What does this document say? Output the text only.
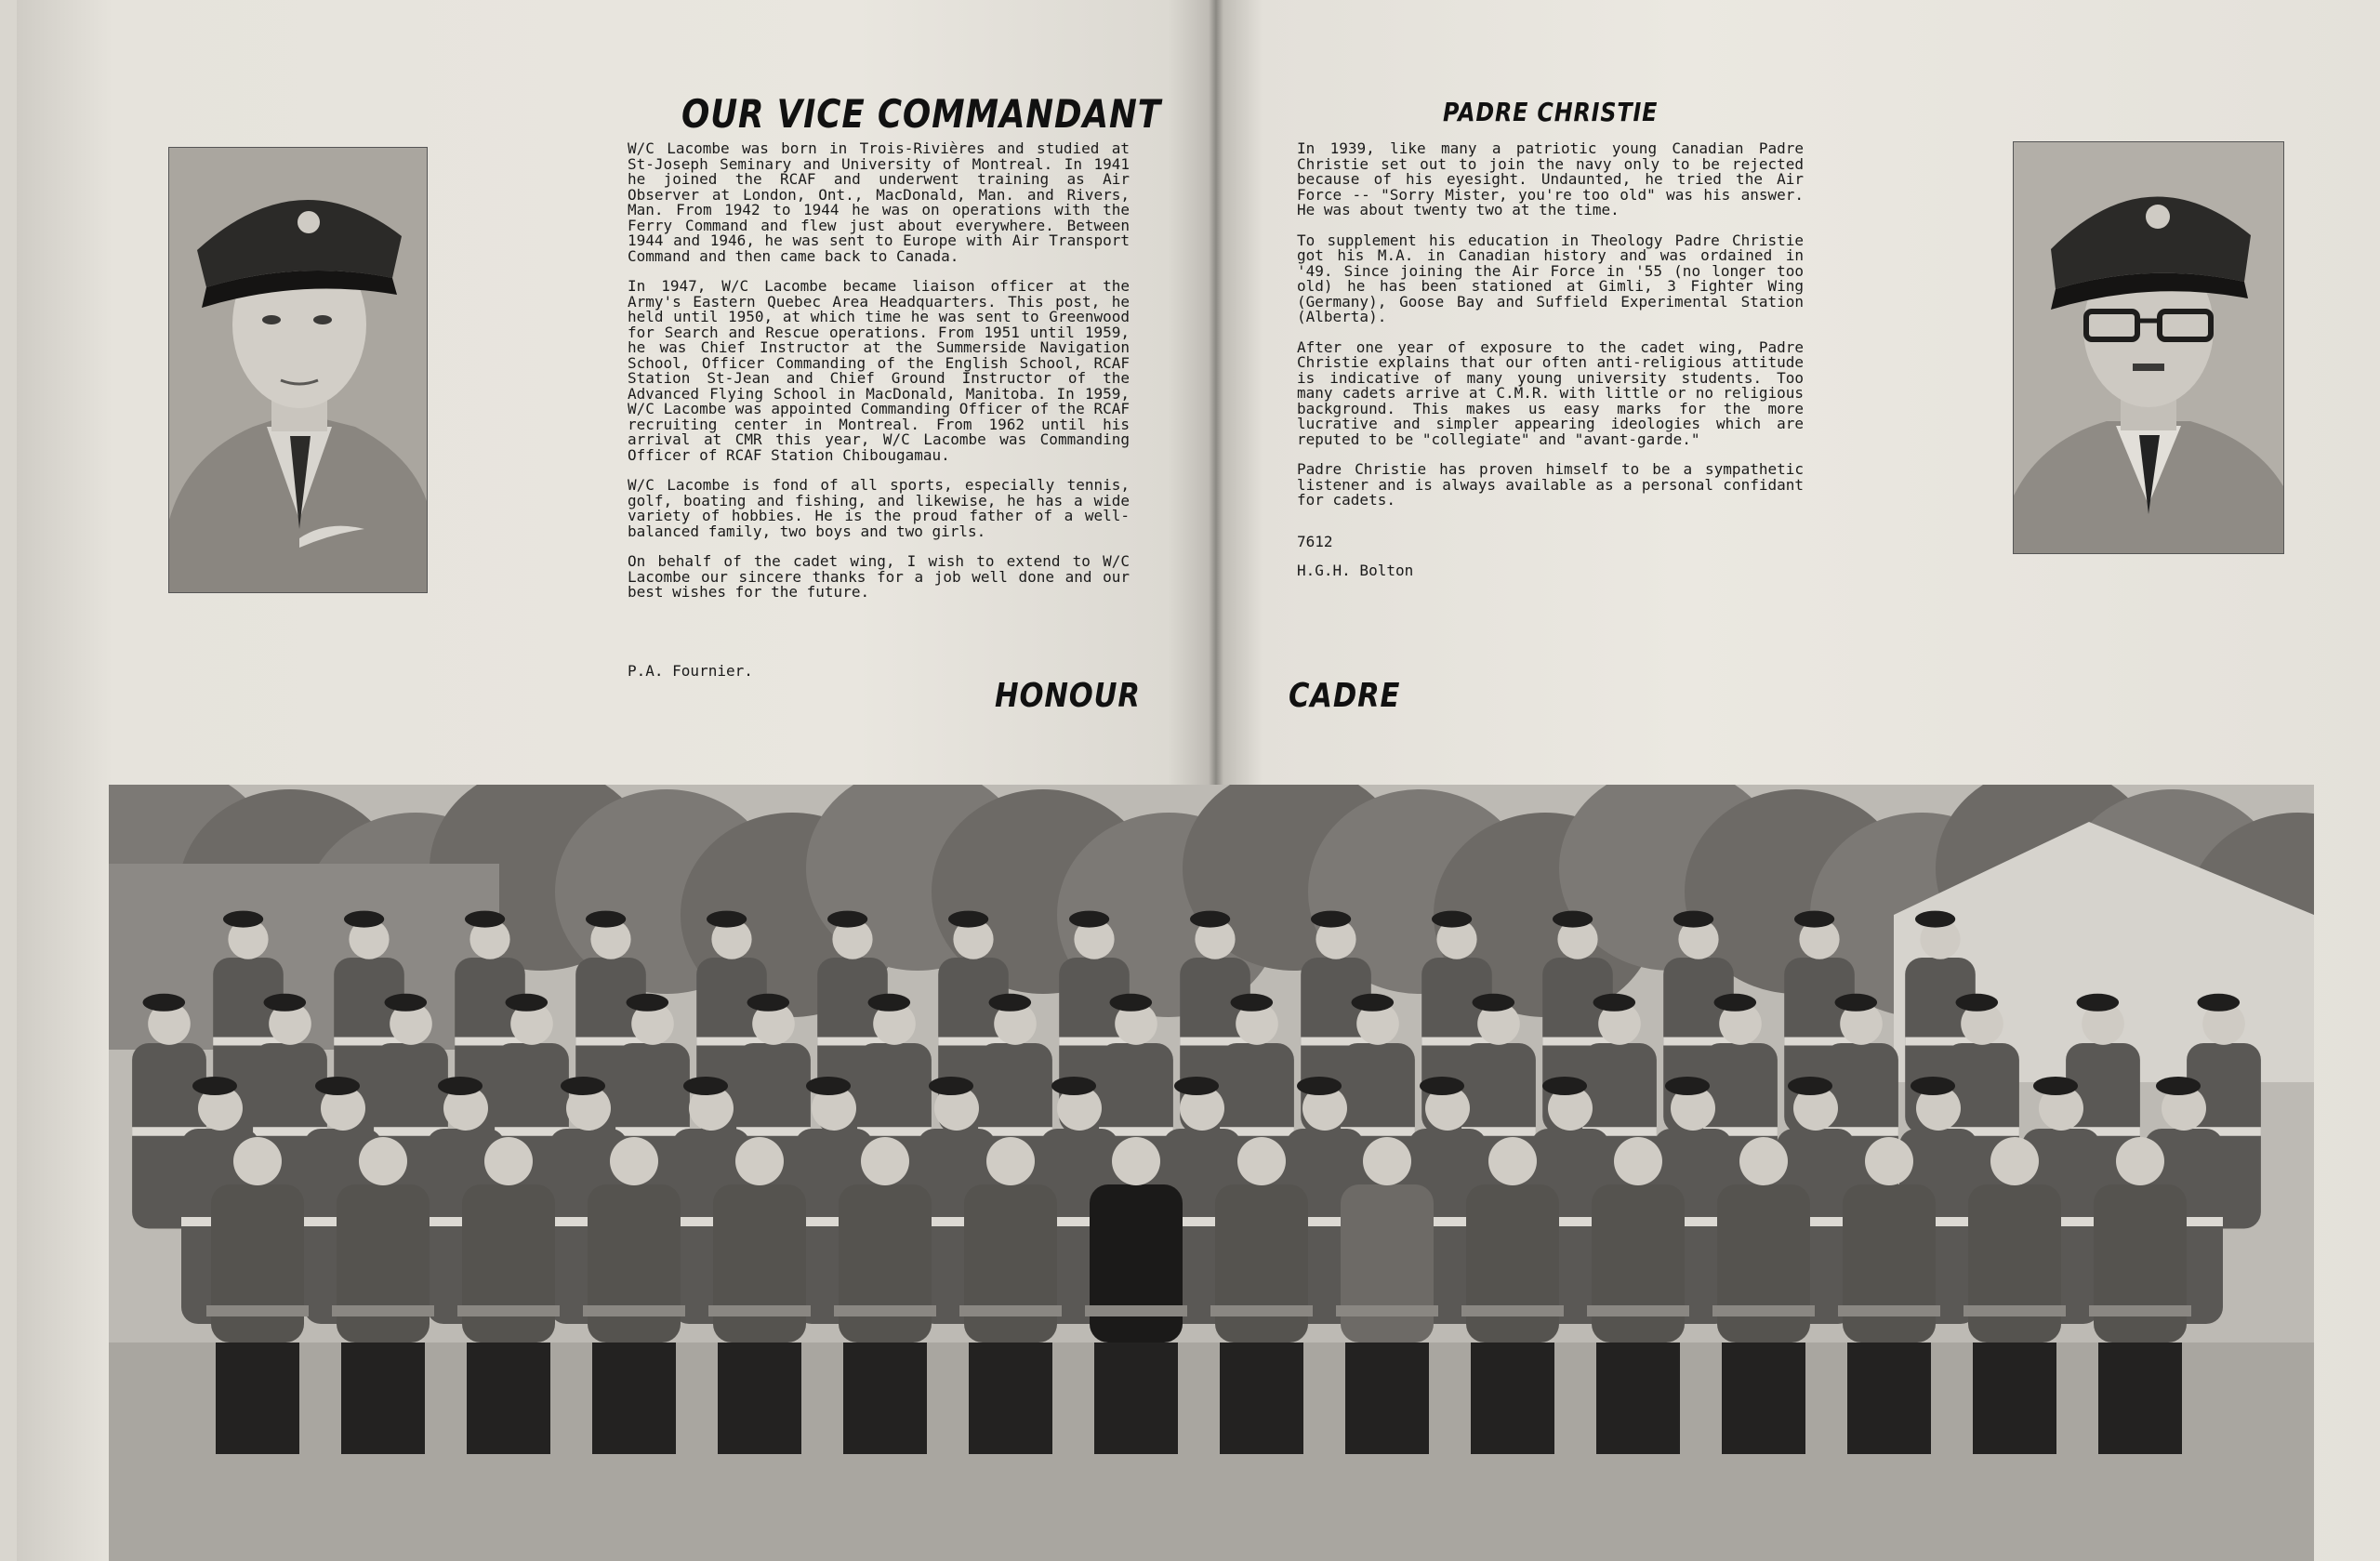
OUR VICE COMMANDANT

W/C Lacombe was born in Trois-Rivières and studied at St-Joseph Seminary and University of Montreal. In 1941 he joined the RCAF and underwent training as Air Observer at London, Ont., MacDonald, Man. and Rivers, Man. From 1942 to 1944 he was on operations with the Ferry Command and flew just about everywhere. Between 1944 and 1946, he was sent to Europe with Air Transport Command and then came back to Canada.

In 1947, W/C Lacombe became liaison officer at the Army's Eastern Quebec Area Headquarters. This post, he held until 1950, at which time he was sent to Greenwood for Search and Rescue operations. From 1951 until 1959, he was Chief Instructor at the Summerside Navigation School, Officer Commanding of the English School, RCAF Station St-Jean and Chief Ground Instructor of the Advanced Flying School in MacDonald, Manitoba. In 1959, W/C Lacombe was appointed Commanding Officer of the RCAF recruiting center in Montreal. From 1962 until his arrival at CMR this year, W/C Lacombe was Commanding Officer of RCAF Station Chibougamau.

W/C Lacombe is fond of all sports, especially tennis, golf, boating and fishing, and likewise, he has a wide variety of hobbies. He is the proud father of a well-balanced family, two boys and two girls.

On behalf of the cadet wing, I wish to extend to W/C Lacombe our sincere thanks for a job well done and our best wishes for the future.

P.A. Fournier.
PADRE CHRISTIE

In 1939, like many a patriotic young Canadian Padre Christie set out to join the navy only to be rejected because of his eyesight. Undaunted, he tried the Air Force -- "Sorry Mister, you're too old" was his answer. He was about twenty two at the time.

To supplement his education in Theology Padre Christie got his M.A. in Canadian history and was ordained in '49. Since joining the Air Force in '55 (no longer too old) he has been stationed at Gimli, 3 Fighter Wing (Germany), Goose Bay and Suffield Experimental Station (Alberta).

After one year of exposure to the cadet wing, Padre Christie explains that our often anti-religious attitude is indicative of many young university students. Too many cadets arrive at C.M.R. with little or no religious background. This makes us easy marks for the more lucrative and simpler appearing ideologies which are reputed to be "collegiate" and "avant-garde."

Padre Christie has proven himself to be a sympathetic listener and is always available as a personal confidant for cadets.

7612
H.G.H. Bolton
HONOUR	CADRE
